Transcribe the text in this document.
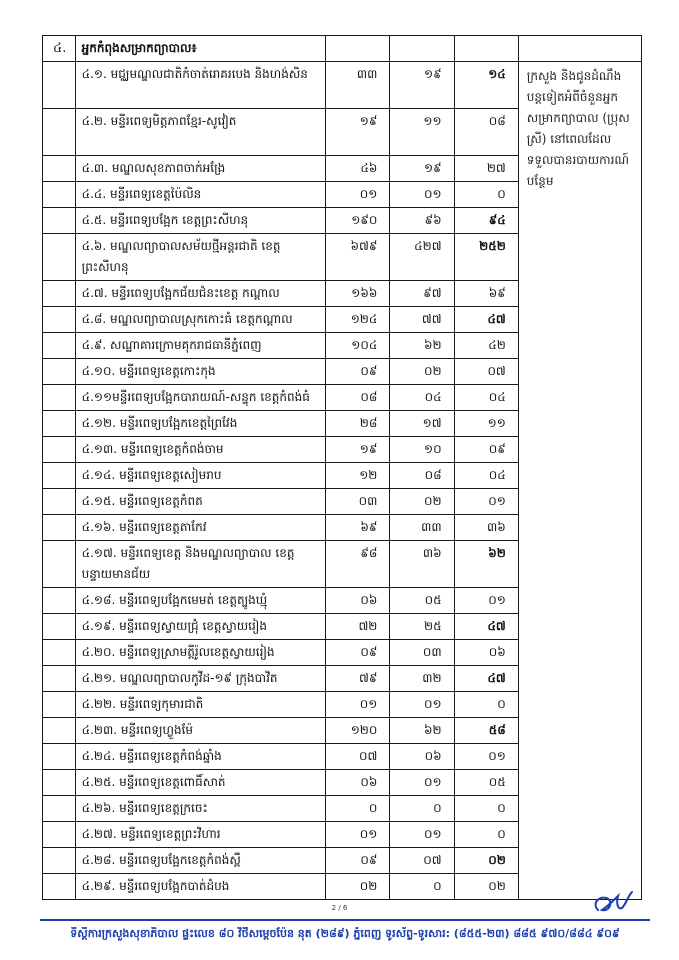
៤.	អ្នកកំពុងសម្រាកព្យាបាល៖				
	៤.១. មជ្ឈមណ្ឌលជាតិកំចាត់រោគរបេង និងហង់សិន	៣៣	១៩	១៤	ក្រសួង និងជូនដំណឹងបន្តទៀតអំពីចំនួនអ្នកសម្រាកព្យាបាល (ប្រុស ស្រី) នៅពេលដែលទទួលបានរបាយការណ៍បន្ថែម
	៤.២. មន្ទីរពេទ្យមិត្តភាពខ្មែរ-សូវៀត	១៩	១១	០៨	
	៤.៣. មណ្ឌលសុខភាពចាក់អង្រែ	៤៦	១៩	២៧	
	៤.៤. មន្ទីរពេទ្យខេត្តប៉ៃលិន	០១	០១	០	
	៤.៥. មន្ទីរពេទ្យបង្អែក ខេត្តព្រះសីហនុ	១៩០	៩៦	៩៤	
	៤.៦. មណ្ឌលព្យាបាលសម័យថ្មីអន្តរជាតិ ខេត្តព្រះសីហនុ	៦៧៩	៤២៧	២៥២	
	៤.៧. មន្ទីរពេទ្យបង្អែកជ័យជំនះខេត្ត កណ្តាល	១៦៦	៩៧	៦៩	
	៤.៨. មណ្ឌលព្យាបាលស្រុកកោះធំ ខេត្តកណ្តាល	១២៤	៧៧	៤៧	
	៤.៩. សណ្ឋាគារក្រោមគុករាជធានីភ្នំពេញ	១០៤	៦២	៤២	
	៤.១០. មន្ទីរពេទ្យខេត្តកោះកុង	០៩	០២	០៧	
	៤.១១មន្ទីរពេទ្យបង្អែកបារាយណ៍-សន្ទុក ខេត្តកំពង់ធំ	០៨	០៤	០៤	
	៤.១២. មន្ទីរពេទ្យបង្អែកខេត្តព្រៃវែង	២៨	១៧	១១	
	៤.១៣. មន្ទីរពេទ្យខេត្តកំពង់ចាម	១៩	១០	០៩	
	៤.១៤. មន្ទីរពេទ្យខេត្តសៀមរាប	១២	០៨	០៤	
	៤.១៥. មន្ទីរពេទ្យខេត្តកំពត	០៣	០២	០១	
	៤.១៦. មន្ទីរពេទ្យខេត្តតាកែវ	៦៩	៣៣	៣៦	
	៤.១៧. មន្ទីរពេទ្យខេត្ត និងមណ្ឌលព្យាបាល ខេត្តបន្ទាយមានជ័យ	៩៨	៣៦	៦២	
	៤.១៨. មន្ទីរពេទ្យបង្អែកមេមត់ ខេត្តត្បូងឃ្មុំ	០៦	០៥	០១	
	៤.១៩. មន្ទីរពេទ្យស្វាយជ្រុំ ខេត្តស្វាយរៀង	៧២	២៥	៤៧	
	៤.២០. មន្ទីរពេទ្យស្រាមត្តីរ៉ូលខេត្តស្វាយរៀង	០៩	០៣	០៦	
	៤.២១. មណ្ឌលព្យាបាលកូវីដ-១៩ ក្រុងបាវិត	៧៩	៣២	៤៧	
	៤.២២. មន្ទីរពេទ្យកុមារជាតិ	០១	០១	០	
	៤.២៣. មន្ទីរពេទ្យហ្លួងម៉ែ	១២០	៦២	៥៨	
	៤.២៤. មន្ទីរពេទ្យខេត្តកំពង់ឆ្នាំង	០៧	០៦	០១	
	៤.២៥. មន្ទីរពេទ្យខេត្តពោធិ៍សាត់	០៦	០១	០៥	
	៤.២៦. មន្ទីរពេទ្យខេត្តក្រចេះ	០	០	០	
	៤.២៧. មន្ទីរពេទ្យខេត្តព្រះវិហារ	០១	០១	០	
	៤.២៨. មន្ទីរពេទ្យបង្អែកខេត្តកំពង់ស្ពឺ	០៩	០៧	០២	
	៤.២៩. មន្ទីរពេទ្យបង្អែកបាត់ដំបង	០២	០	០២	
2 / 6
ទីស្តីការក្រសួងសុខាភិបាល ផ្ទះលេខ ៨០ វិថីសម្តេចប៉ែន នុត (២៨៩) ភ្នំពេញ ទូរស័ព្ទ-ទូរសារ: (៨៥៥-២៣) ៨៨៥ ៩៧០/៨៨៤ ៩០៩
